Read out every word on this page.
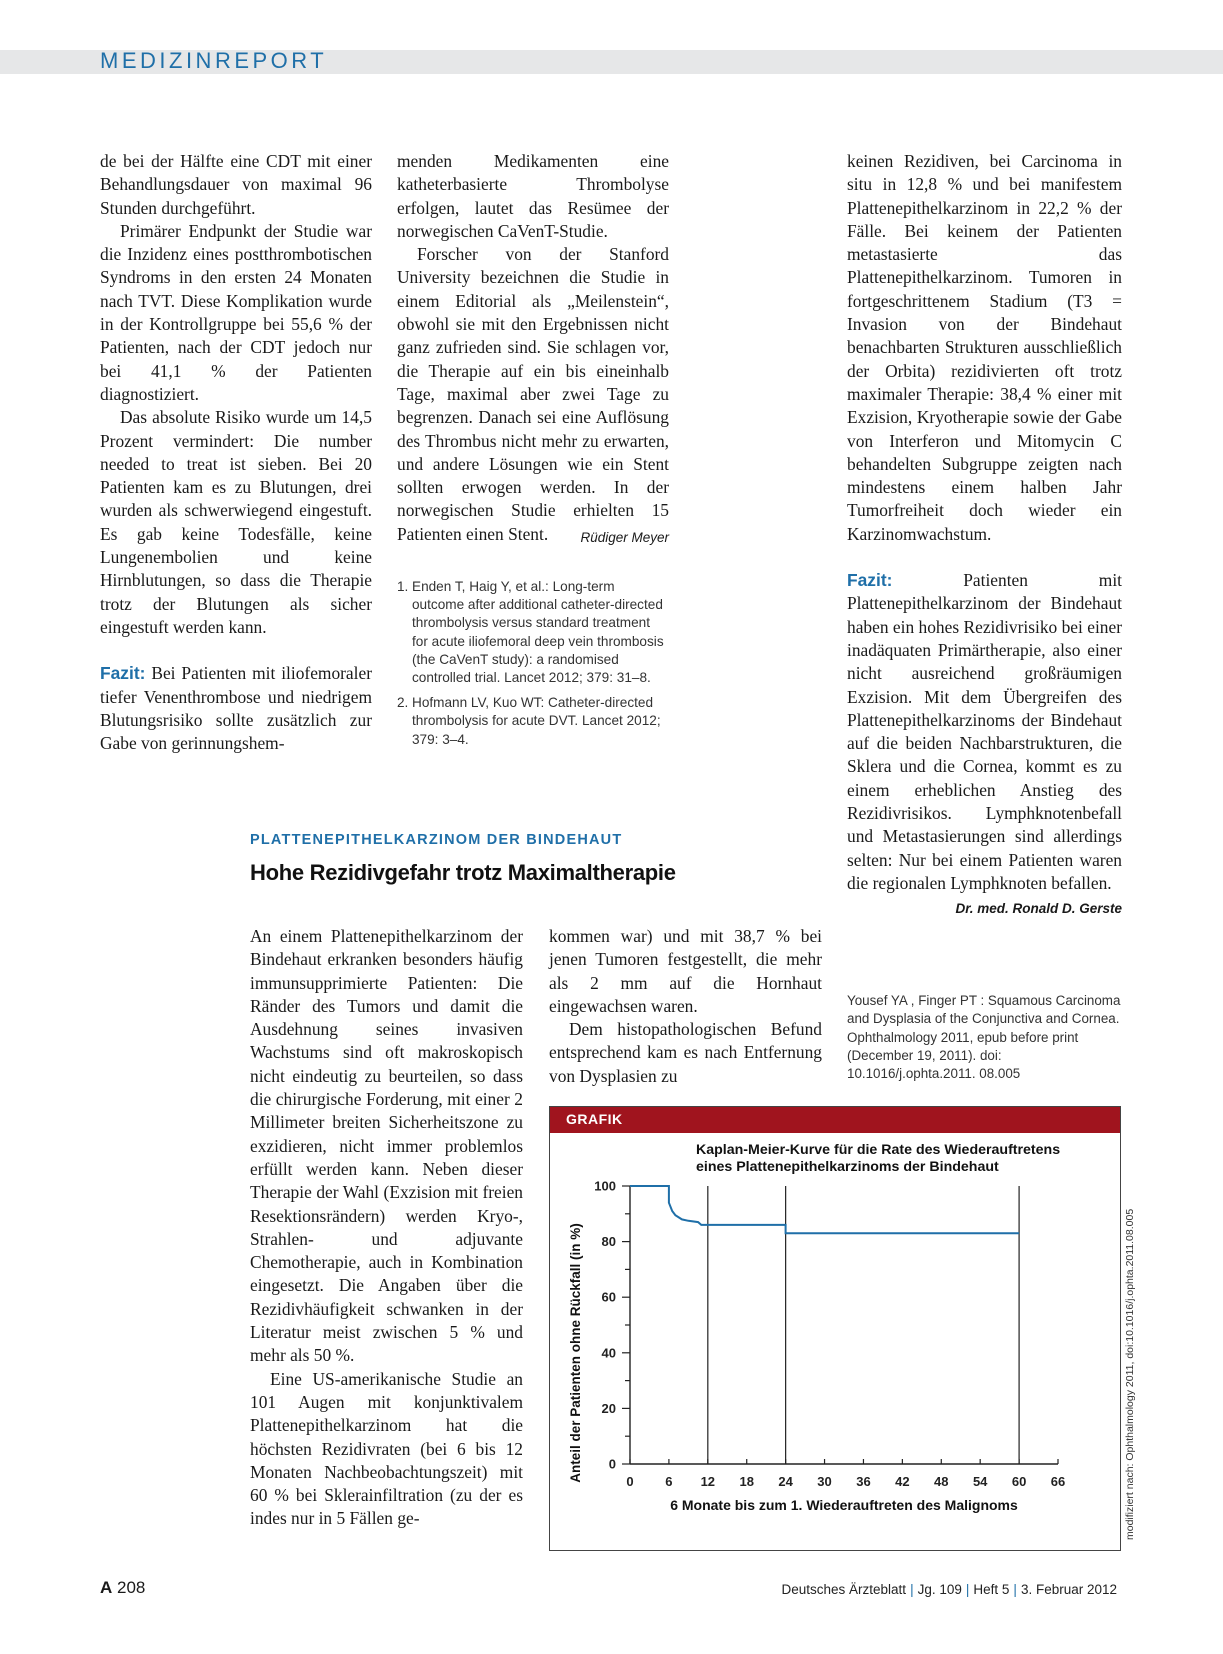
MEDIZINREPORT

de bei der Hälfte eine CDT mit einer Behandlungsdauer von maximal 96 Stunden durchgeführt.

Primärer Endpunkt der Studie war die Inzidenz eines postthrombotischen Syndroms in den ersten 24 Monaten nach TVT. Diese Komplikation wurde in der Kontrollgruppe bei 55,6 % der Patienten, nach der CDT jedoch nur bei 41,1 % der Patienten diagnostiziert.

Das absolute Risiko wurde um 14,5 Prozent vermindert: Die number needed to treat ist sieben. Bei 20 Patienten kam es zu Blutungen, drei wurden als schwerwiegend eingestuft. Es gab keine Todesfälle, keine Lungenembolien und keine Hirnblutungen, so dass die Therapie trotz der Blutungen als sicher eingestuft werden kann.

Fazit: Bei Patienten mit iliofemoraler tiefer Venenthrombose und niedrigem Blutungsrisiko sollte zusätzlich zur Gabe von gerinnungshem-

menden Medikamenten eine katheterbasierte Thrombolyse erfolgen, lautet das Resümee der norwegischen CaVenT-Studie.

Forscher von der Stanford University bezeichnen die Studie in einem Editorial als „Meilenstein“, obwohl sie mit den Ergebnissen nicht ganz zufrieden sind. Sie schlagen vor, die Therapie auf ein bis eineinhalb Tage, maximal aber zwei Tage zu begrenzen. Danach sei eine Auflösung des Thrombus nicht mehr zu erwarten, und andere Lösungen wie ein Stent sollten erwogen werden. In der norwegischen Studie erhielten 15 Patienten einen Stent.	Rüdiger Meyer

1. Enden T, Haig Y, et al.: Long-term outcome after additional catheter-directed thrombolysis versus standard treatment for acute iliofemoral deep vein thrombosis (the CaVenT study): a randomised controlled trial. Lancet 2012; 379: 31–8.
2. Hofmann LV, Kuo WT: Catheter-directed thrombolysis for acute DVT. Lancet 2012; 379: 3–4.
PLATTENEPITHELKARZINOM DER BINDEHAUT
Hohe Rezidivgefahr trotz Maximaltherapie

An einem Plattenepithelkarzinom der Bindehaut erkranken besonders häufig immunsupprimierte Patienten: Die Ränder des Tumors und damit die Ausdehnung seines invasiven Wachstums sind oft makroskopisch nicht eindeutig zu beurteilen, so dass die chirurgische Forderung, mit einer 2 Millimeter breiten Sicherheitszone zu exzidieren, nicht immer problemlos erfüllt werden kann. Neben dieser Therapie der Wahl (Exzision mit freien Resektionsrändern) werden Kryo-, Strahlen- und adjuvante Chemotherapie, auch in Kombination eingesetzt. Die Angaben über die Rezidivhäufigkeit schwanken in der Literatur meist zwischen 5 % und mehr als 50 %.

Eine US-amerikanische Studie an 101 Augen mit konjunktivalem Plattenepithelkarzinom hat die höchsten Rezidivraten (bei 6 bis 12 Monaten Nachbeobachtungszeit) mit 60 % bei Sklerainfiltration (zu der es indes nur in 5 Fällen ge-

kommen war) und mit 38,7 % bei jenen Tumoren festgestellt, die mehr als 2 mm auf die Hornhaut eingewachsen waren.

Dem histopathologischen Befund entsprechend kam es nach Entfernung von Dysplasien zu

keinen Rezidiven, bei Carcinoma in situ in 12,8 % und bei manifestem Plattenepithelkarzinom in 22,2 % der Fälle. Bei keinem der Patienten metastasierte das Plattenepithelkarzinom. Tumoren in fortgeschrittenem Stadium (T3 = Invasion von der Bindehaut benachbarten Strukturen ausschließlich der Orbita) rezidivierten oft trotz maximaler Therapie: 38,4 % einer mit Exzision, Kryotherapie sowie der Gabe von Interferon und Mitomycin C behandelten Subgruppe zeigten nach mindestens einem halben Jahr Tumorfreiheit doch wieder ein Karzinomwachstum.

Fazit: Patienten mit Plattenepithelkarzinom der Bindehaut haben ein hohes Rezidivrisiko bei einer inadäquaten Primärtherapie, also einer nicht ausreichend großräumigen Exzision. Mit dem Übergreifen des Plattenepithelkarzinoms der Bindehaut auf die beiden Nachbarstrukturen, die Sklera und die Cornea, kommt es zu einem erheblichen Anstieg des Rezidivrisikos. Lymphknotenbefall und Metastasierungen sind allerdings selten: Nur bei einem Patienten waren die regionalen Lymphknoten befallen.

Dr. med. Ronald D. Gerste
Yousef YA , Finger PT : Squamous Carcinoma and Dysplasia of the Conjunctiva and Cornea. Ophthalmology 2011, epub before print (December 19, 2011). doi: 10.1016/j.ophta.2011. 08.005
GRAFIK
Kaplan-Meier-Kurve für die Rate des Wiederauftretens
eines Plattenepithelkarzinoms der Bindehaut
0
20
40
60
80
100
0 6 12 18 24 30 36 42 48 54 60 66
6 Monate bis zum 1. Wiederauftreten des Malignoms
Anteil der Patienten ohne Rückfall (in %)	modifiziert nach: Ophthalmology 2011, doi:10.1016/j.ophta.2011.08.005
A 208	Deutsches Ärzteblatt | Jg. 109 | Heft 5 | 3. Februar 2012
